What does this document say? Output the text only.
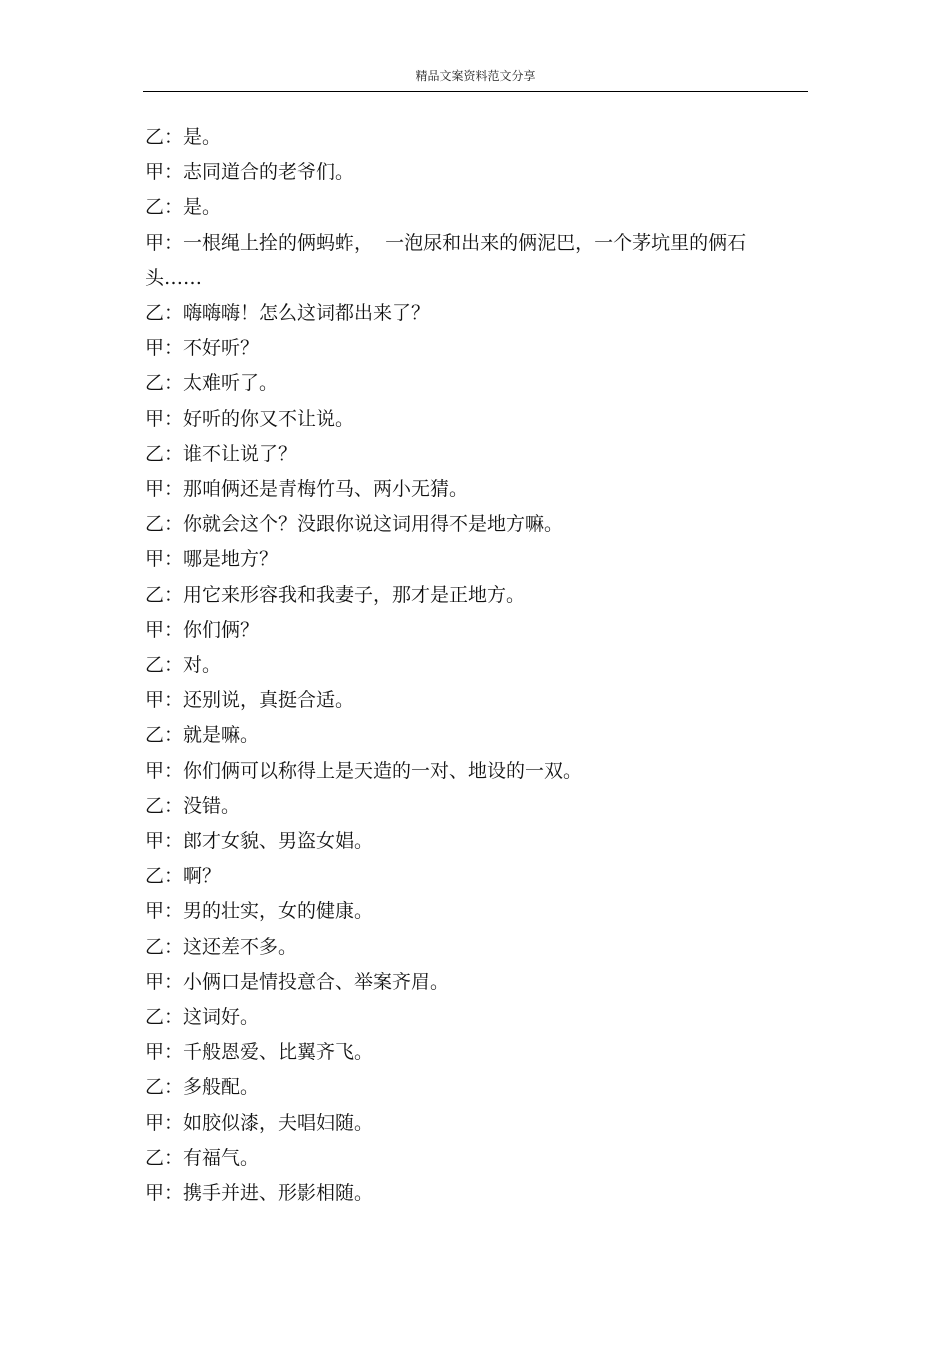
精品文案资料范文分享
乙：是。
甲：志同道合的老爷们。
乙：是。
甲：一根绳上拴的俩蚂蚱，  一泡尿和出来的俩泥巴，一个茅坑里的俩石头……
乙：嗨嗨嗨！怎么这词都出来了？
甲：不好听？
乙：太难听了。
甲：好听的你又不让说。
乙：谁不让说了？
甲：那咱俩还是青梅竹马、两小无猜。
乙：你就会这个？没跟你说这词用得不是地方嘛。
甲：哪是地方？
乙：用它来形容我和我妻子，那才是正地方。
甲：你们俩？
乙：对。
甲：还别说，真挺合适。
乙：就是嘛。
甲：你们俩可以称得上是天造的一对、地设的一双。
乙：没错。
甲：郎才女貌、男盗女娼。
乙：啊？
甲：男的壮实，女的健康。
乙：这还差不多。
甲：小俩口是情投意合、举案齐眉。
乙：这词好。
甲：千般恩爱、比翼齐飞。
乙：多般配。
甲：如胶似漆，夫唱妇随。
乙：有福气。
甲：携手并进、形影相随。
